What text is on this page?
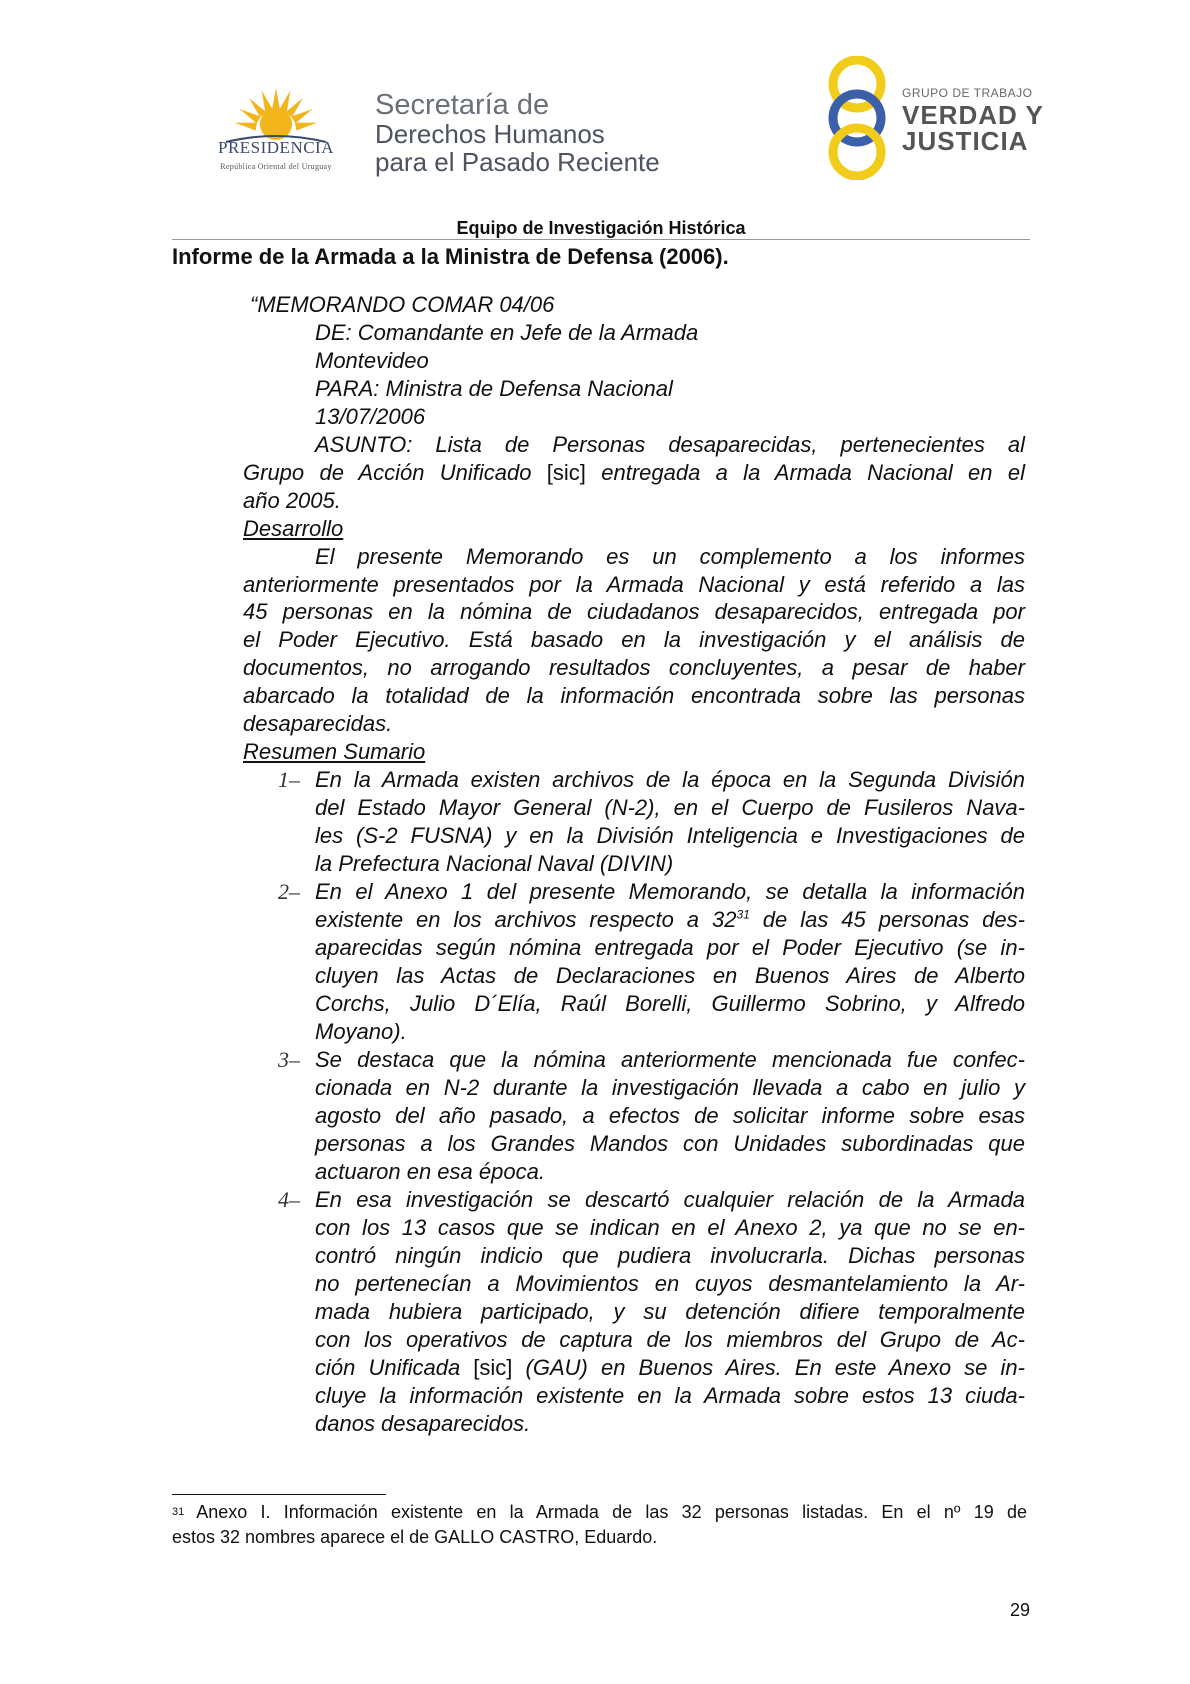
PRESIDENCIA
República Oriental del Uruguay
Secretaría de
Derechos Humanos
para el Pasado Reciente
GRUPO DE TRABAJO
VERDAD Y
JUSTICIA
Equipo de Investigación Histórica
Informe de la Armada a la Ministra de Defensa (2006).
“MEMORANDO COMAR 04/06
DE: Comandante en Jefe de la Armada
Montevideo
PARA: Ministra de Defensa Nacional
13/07/2006
ASUNTO: Lista de Personas desaparecidas, pertenecientes al
Grupo de Acción Unificado [sic] entregada a la Armada Nacional en el
año 2005.
Desarrollo
El presente Memorando es un complemento a los informes
anteriormente presentados por la Armada Nacional y está referido a las
45 personas en la nómina de ciudadanos desaparecidos, entregada por
el Poder Ejecutivo. Está basado en la investigación y el análisis de
documentos, no arrogando resultados concluyentes, a pesar de haber
abarcado la totalidad de la información encontrada sobre las personas
desaparecidas.
Resumen Sumario
1– En la Armada existen archivos de la época en la Segunda División
del Estado Mayor General (N-2), en el Cuerpo de Fusileros Nava-
les (S-2 FUSNA) y en la División Inteligencia e Investigaciones de
la Prefectura Nacional Naval (DIVIN)
2– En el Anexo 1 del presente Memorando, se detalla la información
existente en los archivos respecto a $32^{31}$ de las 45 personas des-
aparecidas según nómina entregada por el Poder Ejecutivo (se in-
cluyen las Actas de Declaraciones en Buenos Aires de Alberto
Corchs, Julio D´Elía, Raúl Borelli, Guillermo Sobrino, y Alfredo
Moyano).
3– Se destaca que la nómina anteriormente mencionada fue confec-
cionada en N-2 durante la investigación llevada a cabo en julio y
agosto del año pasado, a efectos de solicitar informe sobre esas
personas a los Grandes Mandos con Unidades subordinadas que
actuaron en esa época.
4– En esa investigación se descartó cualquier relación de la Armada
con los 13 casos que se indican en el Anexo 2, ya que no se en-
contró ningún indicio que pudiera involucrarla. Dichas personas
no pertenecían a Movimientos en cuyos desmantelamiento la Ar-
mada hubiera participado, y su detención difiere temporalmente
con los operativos de captura de los miembros del Grupo de Ac-
ción Unificada [sic] (GAU) en Buenos Aires. En este Anexo se in-
cluye la información existente en la Armada sobre estos 13 ciuda-
danos desaparecidos.
$^{31}$ Anexo I. Información existente en la Armada de las 32 personas listadas. En el nº 19 de
estos 32 nombres aparece el de GALLO CASTRO, Eduardo.
29
